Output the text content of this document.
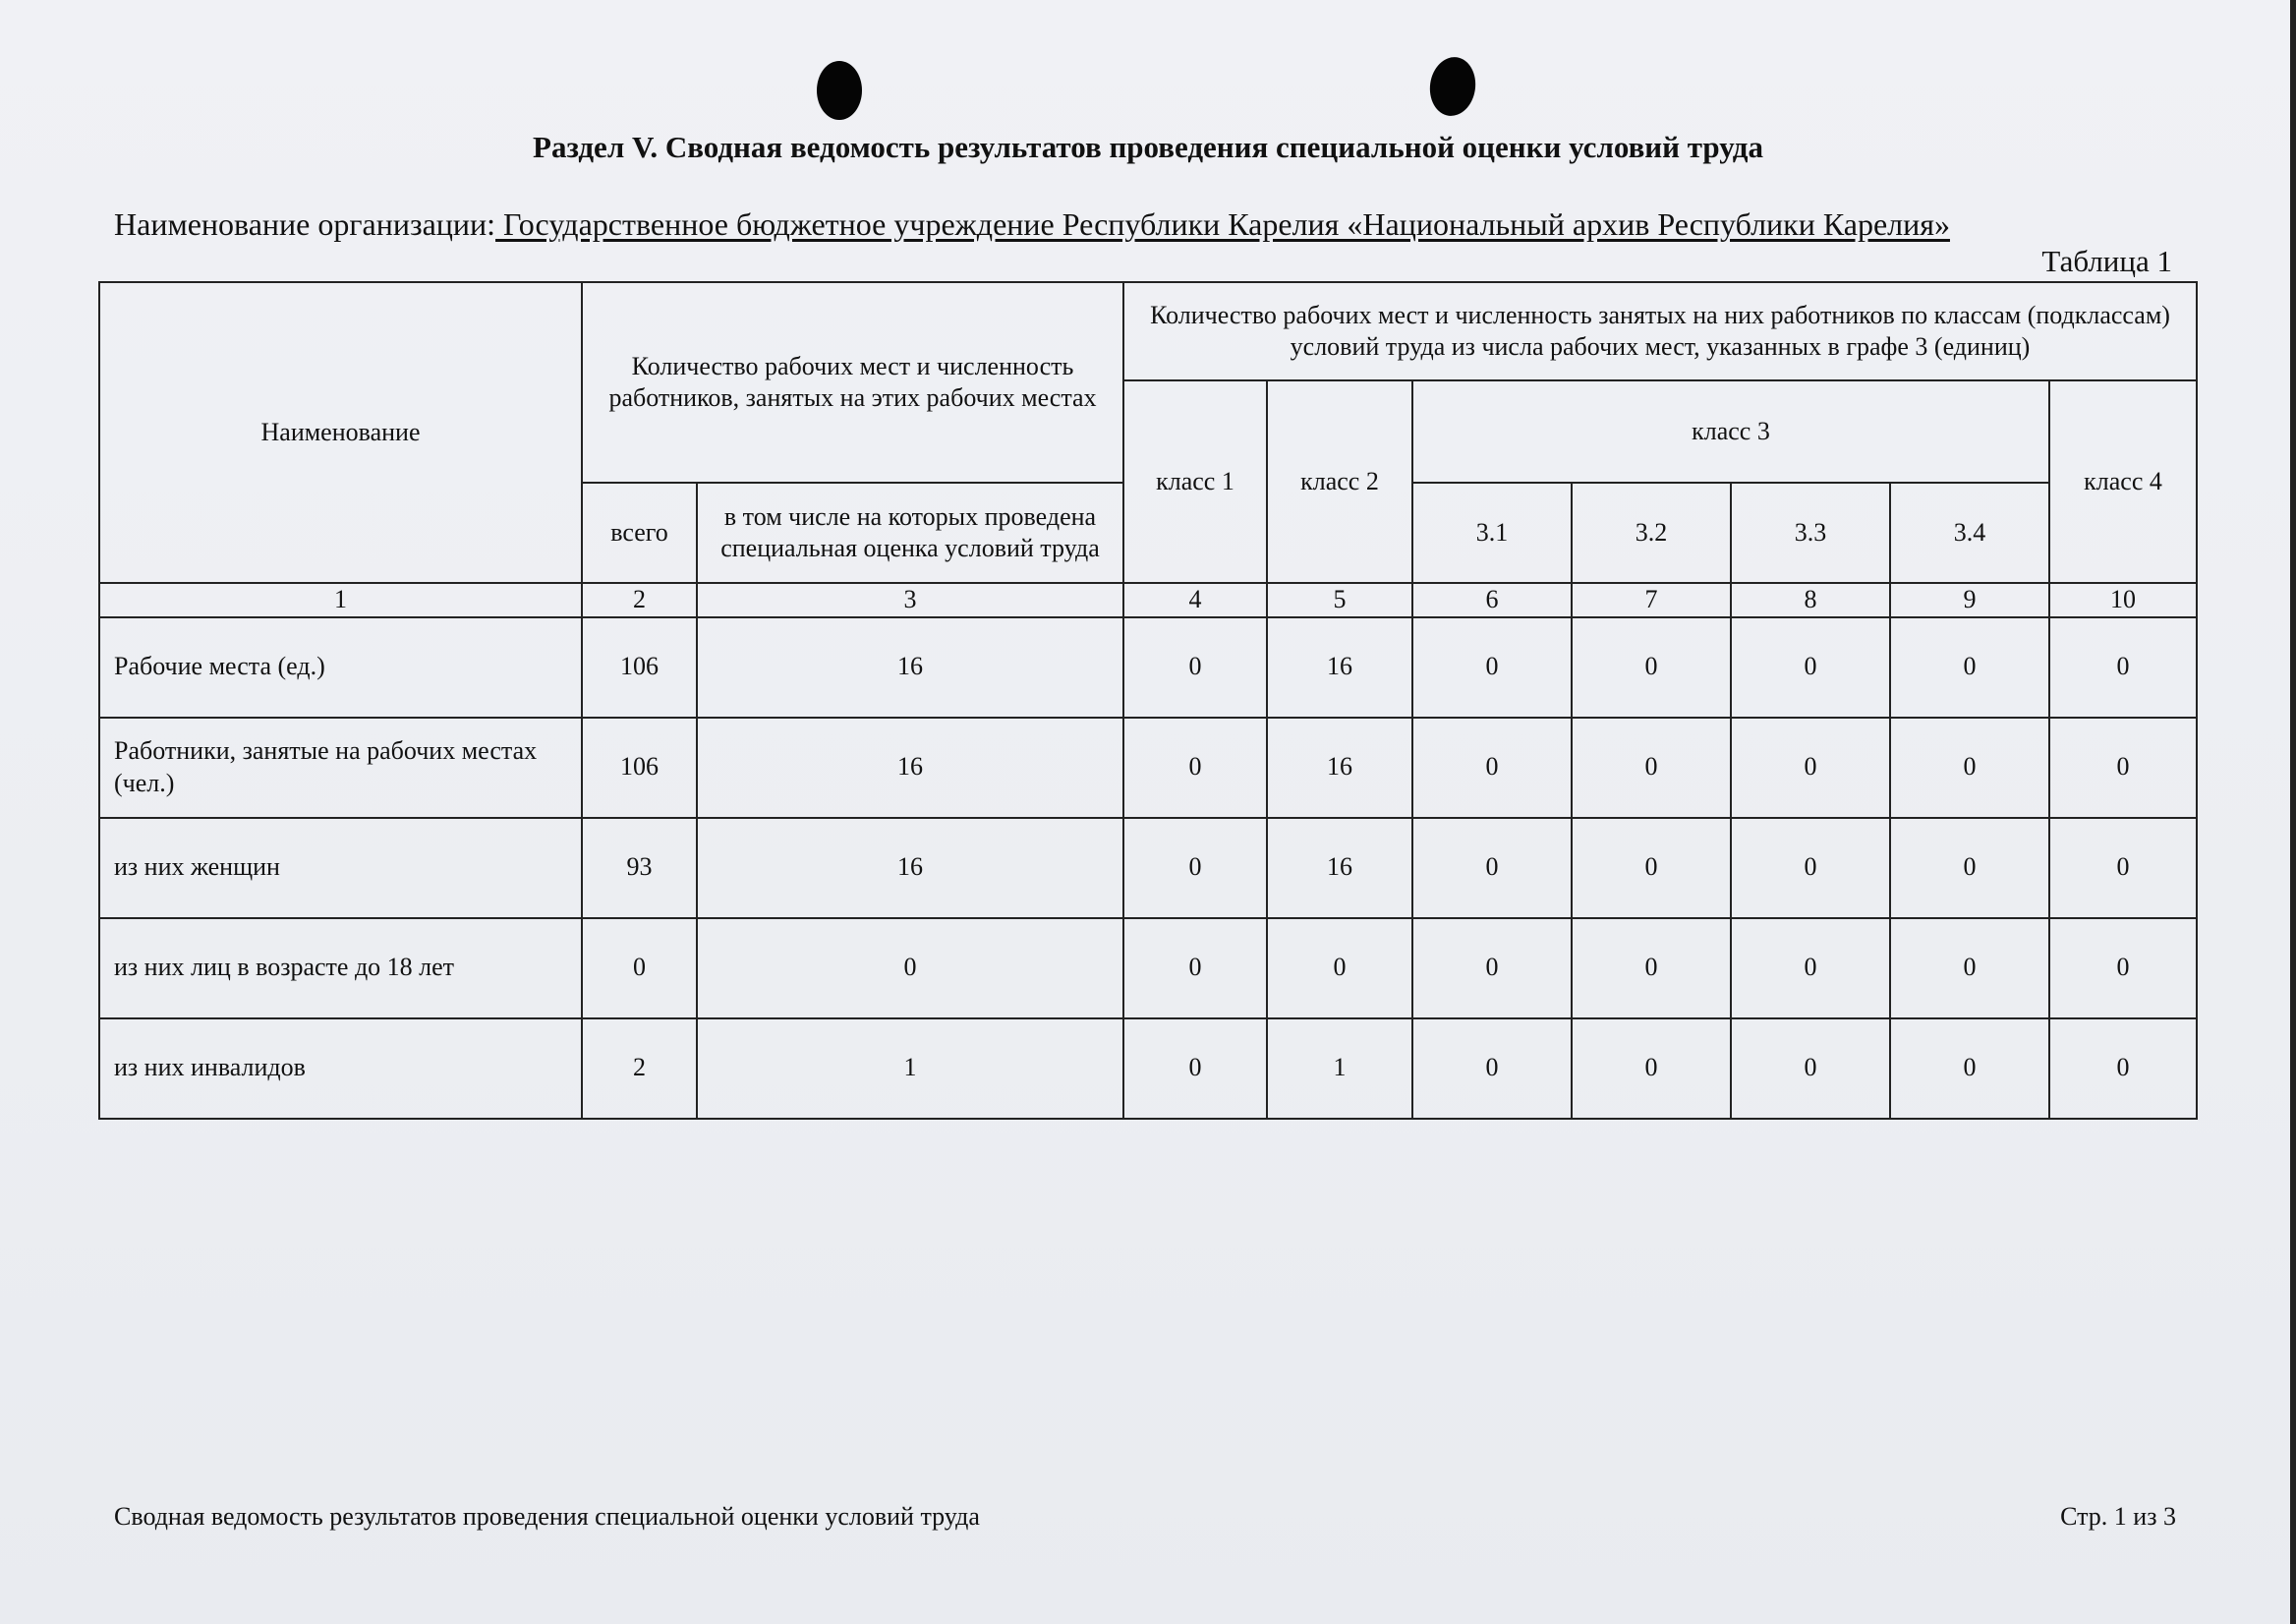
Раздел V. Сводная ведомость результатов проведения специальной оценки условий труда
Наименование организации: Государственное бюджетное учреждение Республики Карелия «Национальный архив Республики Карелия»
Таблица 1
Наименование	Количество рабочих мест и численность работников, занятых на этих рабочих местах		Количество рабочих мест и численность занятых на них работников по классам (подклассам) условий труда из числа рабочих мест, указанных в графе 3 (единиц)						
			класс 1	класс 2	класс 3				класс 4
	всего	в том числе на которых проведена специальная оценка условий труда			3.1	3.2	3.3	3.4	
1	2	3	4	5	6	7	8	9	10
Рабочие места (ед.)	106	16	0	16	0	0	0	0	0
Работники, занятые на рабочих местах (чел.)	106	16	0	16	0	0	0	0	0
из них женщин	93	16	0	16	0	0	0	0	0
из них лиц в возрасте до 18 лет	0	0	0	0	0	0	0	0	0
из них инвалидов	2	1	0	1	0	0	0	0	0
Сводная ведомость результатов проведения специальной оценки условий труда	Стр. 1 из 3
